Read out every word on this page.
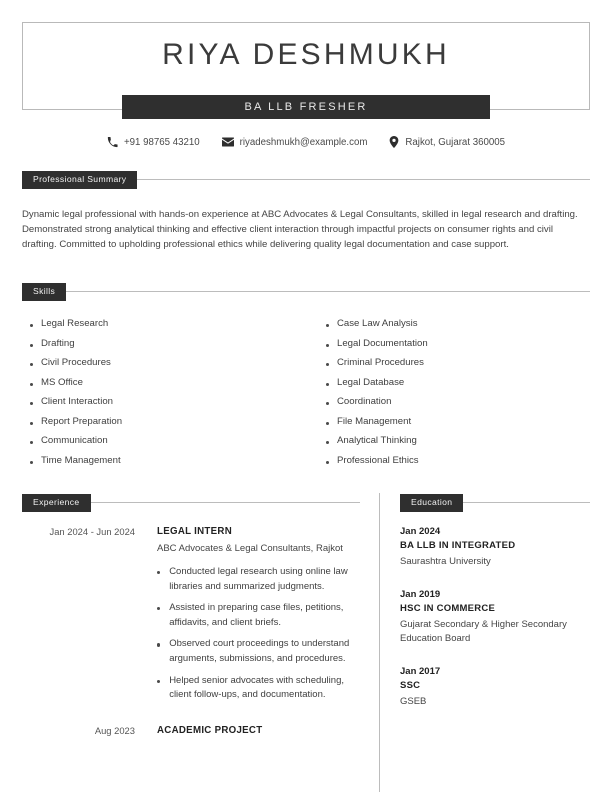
RIYA DESHMUKH
BA LLB FRESHER
+91 98765 43210	riyadeshmukh@example.com	Rajkot, Gujarat 360005
Professional Summary
Dynamic legal professional with hands-on experience at ABC Advocates & Legal Consultants, skilled in legal research and drafting. Demonstrated strong analytical thinking and effective client interaction through impactful projects on consumer rights and civil drafting. Committed to upholding professional ethics while delivering quality legal documentation and case support.
Skills
Legal Research	Case Law Analysis
Drafting	Legal Documentation
Civil Procedures	Criminal Procedures
MS Office	Legal Database
Client Interaction	Coordination
Report Preparation	File Management
Communication	Analytical Thinking
Time Management	Professional Ethics
Experience
Jan 2024 - Jun 2024 LEGAL INTERN
ABC Advocates & Legal Consultants, Rajkot
Conducted legal research using online law libraries and summarized judgments.
Assisted in preparing case files, petitions, affidavits, and client briefs.
Observed court proceedings to understand arguments, submissions, and procedures.
Helped senior advocates with scheduling, client follow-ups, and documentation.
Aug 2023 ACADEMIC PROJECT
Education
Jan 2024
BA LLB IN INTEGRATED
Saurashtra University
Jan 2019
HSC IN COMMERCE
Gujarat Secondary & Higher Secondary Education Board
Jan 2017
SSC
GSEB
